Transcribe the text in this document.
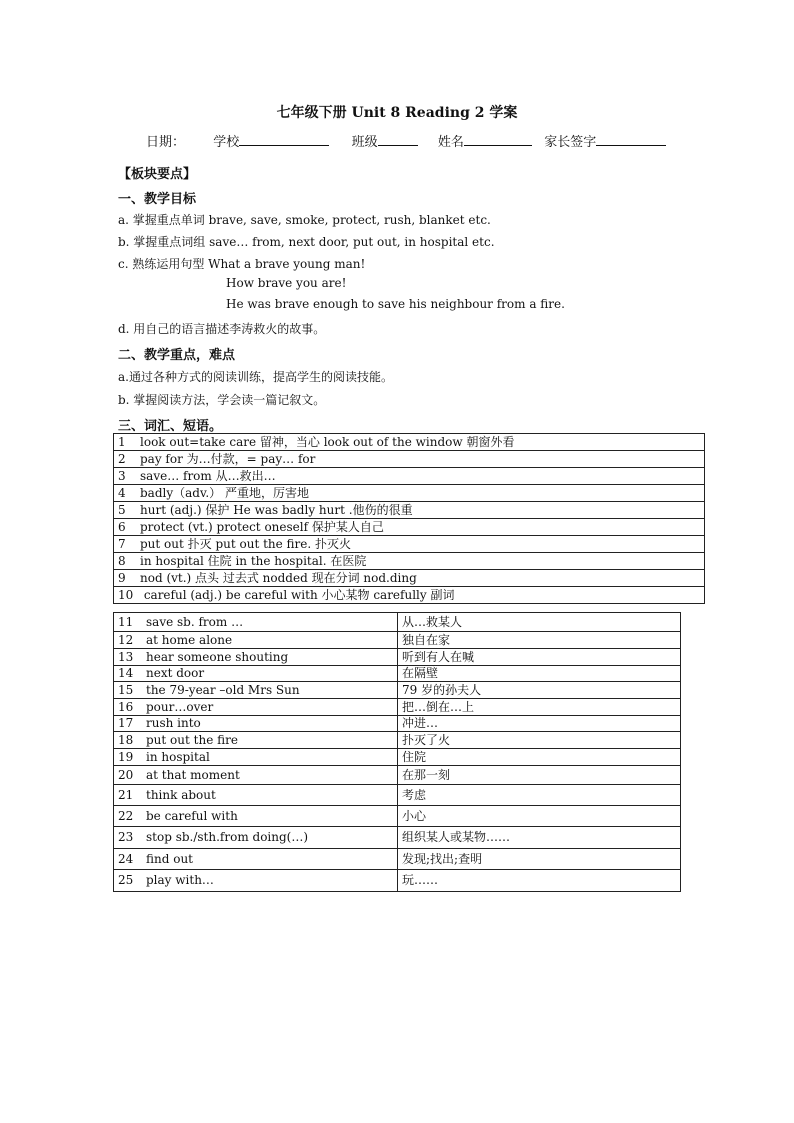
七年级下册 Unit 8 Reading 2 学案
日期： 学校	班级	姓名	家长签字
【板块要点】
一、教学目标
a. 掌握重点单词 brave, save, smoke, protect, rush, blanket etc.
b. 掌握重点词组 save… from, next door, put out, in hospital etc.
c. 熟练运用句型 What a brave young man!
How brave you are!
He was brave enough to save his neighbour from a fire.
d. 用自己的语言描述李涛救火的故事。
二、教学重点，难点
a.通过各种方式的阅读训练，提高学生的阅读技能。
b. 掌握阅读方法，学会读一篇记叙文。
三、词汇、短语。
1 look out=take care 留神，当心 look out of the window 朝窗外看
2 pay for 为…付款，= pay… for
3 save… from 从…救出…
4 badly（adv.） 严重地，厉害地
5 hurt (adj.) 保护 He was badly hurt .他伤的很重
6 protect (vt.) protect oneself 保护某人自己
7 put out 扑灭 put out the fire. 扑灭火
8 in hospital 住院 in the hospital. 在医院
9 nod (vt.) 点头 过去式 nodded 现在分词 nod.ding
10 careful (adj.) be careful with 小心某物 carefully 副词
11 save sb. from …	从…救某人
12 at home alone	独自在家
13 hear someone shouting	听到有人在喊
14 next door	在隔壁
15 the 79-year –old Mrs Sun	79 岁的孙夫人
16 pour…over	把…倒在…上
17 rush into	冲进…
18 put out the fire	扑灭了火
19 in hospital	住院
20 at that moment	在那一刻
21 think about	考虑
22 be careful with	小心
23 stop sb./sth.from doing(…)	组织某人或某物……
24 find out	发现;找出;查明
25 play with…	玩……
